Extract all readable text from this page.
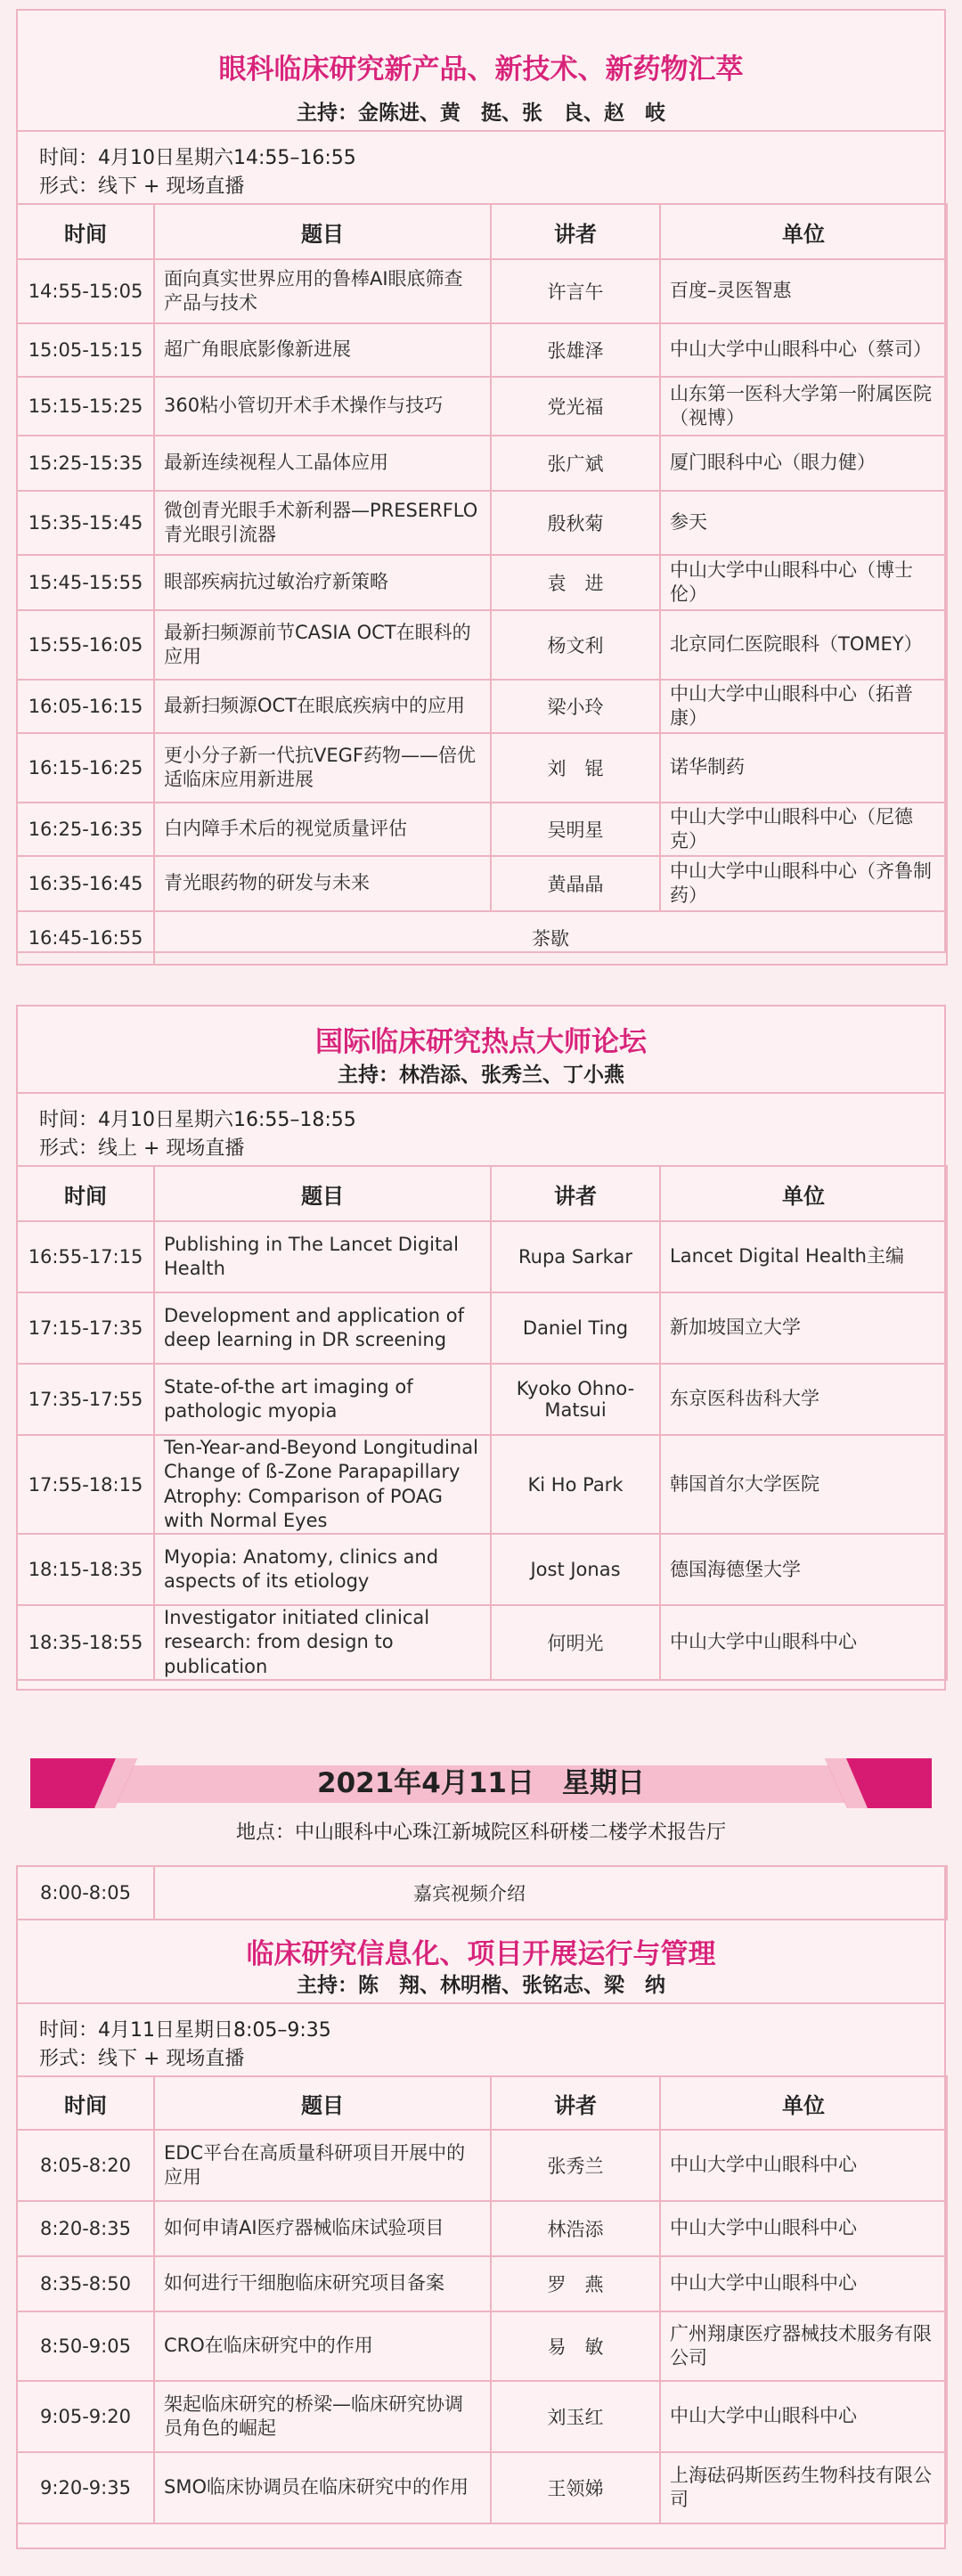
眼科临床研究新产品、新技术、新药物汇萃
主持：金陈进、黄　挺、张　良、赵　岐
时间：4月10日星期六14:55–16:55
形式：线下 + 现场直播
时间	题目	讲者	单位
14:55-15:05	面向真实世界应用的鲁棒AI眼底筛查产品与技术	许言午	百度–灵医智惠
15:05-15:15	超广角眼底影像新进展	张雄泽	中山大学中山眼科中心（蔡司）
15:15-15:25	360粘小管切开术手术操作与技巧	党光福	山东第一医科大学第一附属医院（视博）
15:25-15:35	最新连续视程人工晶体应用	张广斌	厦门眼科中心（眼力健）
15:35-15:45	微创青光眼手术新利器—PRESERFLO青光眼引流器	殷秋菊	参天
15:45-15:55	眼部疾病抗过敏治疗新策略	袁　进	中山大学中山眼科中心（博士伦）
15:55-16:05	最新扫频源前节CASIA OCT在眼科的应用	杨文利	北京同仁医院眼科（TOMEY）
16:05-16:15	最新扫频源OCT在眼底疾病中的应用	梁小玲	中山大学中山眼科中心（拓普康）
16:15-16:25	更小分子新一代抗VEGF药物——倍优适临床应用新进展	刘　锟	诺华制药
16:25-16:35	白内障手术后的视觉质量评估	吴明星	中山大学中山眼科中心（尼德克）
16:35-16:45	青光眼药物的研发与未来	黄晶晶	中山大学中山眼科中心（齐鲁制药）
16:45-16:55	茶歇		
国际临床研究热点大师论坛
主持：林浩添、张秀兰、丁小燕
时间：4月10日星期六16:55–18:55
形式：线上 + 现场直播
时间	题目	讲者	单位
16:55-17:15	Publishing in The Lancet Digital Health	Rupa Sarkar	Lancet Digital Health主编
17:15-17:35	Development and application of deep learning in DR screening	Daniel Ting	新加坡国立大学
17:35-17:55	State-of-the art imaging of pathologic myopia	Kyoko Ohno-Matsui	东京医科齿科大学
17:55-18:15	Ten-Year-and-Beyond Longitudinal Change of ß-Zone Parapapillary Atrophy: Comparison of POAG with Normal Eyes	Ki Ho Park	韩国首尔大学医院
18:15-18:35	Myopia: Anatomy, clinics and aspects of its etiology	Jost Jonas	德国海德堡大学
18:35-18:55	Investigator initiated clinical research: from design to publication	何明光	中山大学中山眼科中心
2021年4月11日　星期日
地点：中山眼科中心珠江新城院区科研楼二楼学术报告厅
8:00-8:05	嘉宾视频介绍
临床研究信息化、项目开展运行与管理
主持：陈　翔、林明楷、张铭志、梁　纳
时间：4月11日星期日8:05–9:35
形式：线下 + 现场直播
时间	题目	讲者	单位
8:05-8:20	EDC平台在高质量科研项目开展中的应用	张秀兰	中山大学中山眼科中心
8:20-8:35	如何申请AI医疗器械临床试验项目	林浩添	中山大学中山眼科中心
8:35-8:50	如何进行干细胞临床研究项目备案	罗　燕	中山大学中山眼科中心
8:50-9:05	CRO在临床研究中的作用	易　敏	广州翔康医疗器械技术服务有限公司
9:05-9:20	架起临床研究的桥梁—临床研究协调员角色的崛起	刘玉红	中山大学中山眼科中心
9:20-9:35	SMO临床协调员在临床研究中的作用	王领娣	上海砝码斯医药生物科技有限公司
